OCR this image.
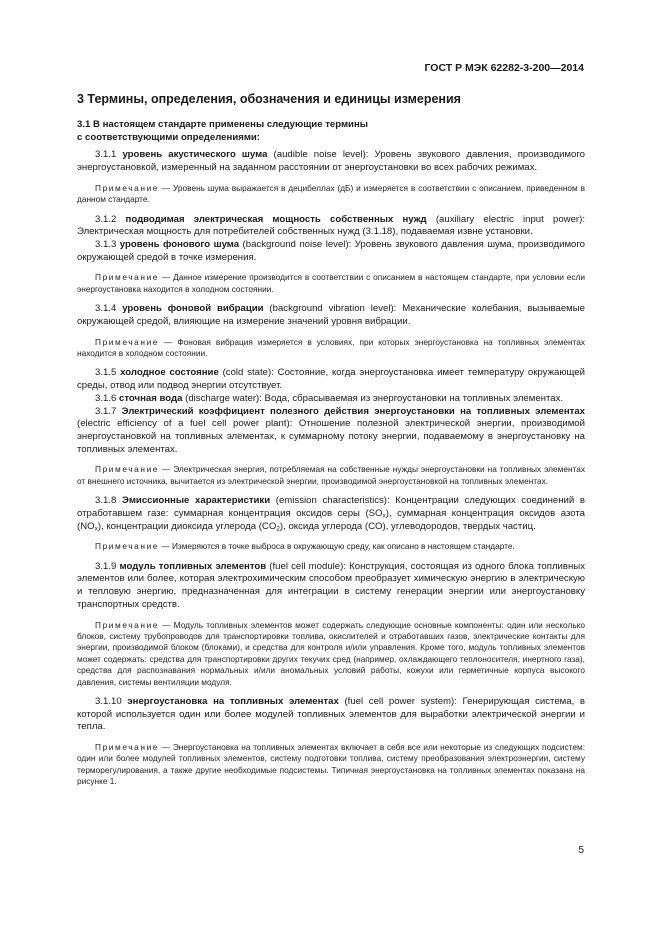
ГОСТ Р МЭК 62282-3-200—2014
3 Термины, определения, обозначения и единицы измерения
3.1 В настоящем стандарте применены следующие термины
с соответствующими определениями:

3.1.1 уровень акустического шума (audible noise level): Уровень звукового давления, производимого энергоустановкой, измеренный на заданном расстоянии от энергоустановки во всех рабочих режимах.

Примечание — Уровень шума выражается в децибеллах (дБ) и измеряется в соответствии с описанием, приведенном в данном стандарте.

3.1.2 подводимая электрическая мощность собственных нужд (auxiliary electric input power): Электрическая мощность для потребителей собственных нужд (3.1.18), подаваемая извне установки.

3.1.3 уровень фонового шума (background noise level): Уровень звукового давления шума, производимого окружающей средой в точке измерения.

Примечание — Данное измерение производится в соответствии с описанием в настоящем стандарте, при условии если энергоустановка находится в холодном состоянии.

3.1.4 уровень фоновой вибрации (background vibration level): Механические колебания, вызываемые окружающей средой, влияющие на измерение значений уровня вибрации.

Примечание — Фоновая вибрация измеряется в условиях, при которых энергоустановка на топливных элементах находится в холодном состоянии.

3.1.5 холодное состояние (cold state): Состояние, когда энергоустановка имеет температуру окружающей среды, отвод или подвод энергии отсутствует.

3.1.6 сточная вода (discharge water): Вода, сбрасываемая из энергоустановки на топливных элементах.

3.1.7 Электрический коэффициент полезного действия энергоустановки на топливных элементах (electric efficiency of a fuel cell power plant): Отношение полезной электрической энергии, производимой энергоустановкой на топливных элементах, к суммарному потоку энергии, подаваемому в энергоустановку на топливных элементах.

Примечание — Электрическая энергия, потребляемая на собственные нужды энергоустановки на топливных элементах от внешнего источника, вычитается из электрической энергии, производимой энергоустановкой на топливных элементах.

3.1.8 Эмиссионные характеристики (emission characteristics): Концентрации следующих соединений в отработавшем газе: суммарная концентрация оксидов серы $(SO_x)$, суммарная концентрация оксидов азота $(NO_x)$, концентрации диоксида углерода $(CO_2)$, оксида углерода (CO), углеводородов, твердых частиц.

Примечание — Измеряются в точке выброса в окружающую среду, как описано в настоящем стандарте.

3.1.9 модуль топливных элементов (fuel cell module): Конструкция, состоящая из одного блока топливных элементов или более, которая электрохимическим способом преобразует химическую энергию в электрическую и тепловую энергию, предназначенная для интеграции в систему генерации энергии или энергоустановку транспортных средств.

Примечание — Модуль топливных элементов может содержать следующие основные компоненты: один или несколько блоков, систему трубопроводов для транспортировки топлива, окислителей и отработавших газов, электрические контакты для энергии, производимой блоком (блоками), и средства для контроля и/или управления. Кроме того, модуль топливных элементов может содержать: средства для транспортировки других текучих сред (например, охлаждающего теплоносителя, инертного газа), средства для распознавания нормальных и/или аномальных условий работы, кожухи или герметичные корпуса высокого давления, системы вентиляции модуля.

3.1.10 энергоустановка на топливных элементах (fuel cell power system): Генерирующая система, в которой используется один или более модулей топливных элементов для выработки электрической энергии и тепла.

Примечание — Энергоустановка на топливных элементах включает в себя все или некоторые из следующих подсистем: один или более модулей топливных элементов, систему подготовки топлива, систему преобразования электроэнергии, систему терморегулирования, а также другие необходимые подсистемы. Типичная энергоустановка на топливных элементах показана на рисунке 1.

5
